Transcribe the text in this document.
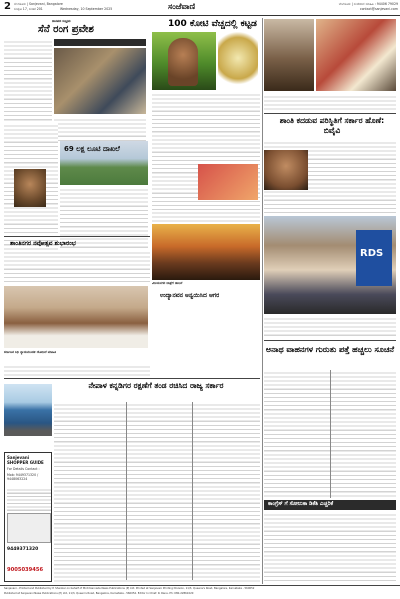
2 ಬೆಂಗಳೂರು | Sanjevani, Bangalore
ಸಂಪುಟ 17, ಸಂಚಿಕೆ 201	Wednesday, 10 September 2025	ಸಂಜೆವಾಣಿ	ಬೆಂಗಳೂರು | ಸಂಜೆವಾಣಿ ಮಾಹಿತಿ : 94406 79029
contact@sanjevani.com
ಜಾನಪದ ಸಂಭ್ರಮ
ಸೆನೆ ರಂಗ ಪ್ರವೇಶ
69 ಲಕ್ಷ ಲೂಟಿ ದಾಖಲೆ
100 ಕೋಟಿ ವೆಚ್ಚದಲ್ಲಿ ಕಟ್ಟಡ
ವಿಜಯನಗರ ಜಾತ್ರೆಗೆ ಚಾಲನೆ
ಉದ್ಯಾನವನ ಅನ್ವಯಿಸಿದ ಆಗರ
ಶಾಂತಿನಗರ ನವೋತ್ಸವ ಶುಭಾರಂಭ
ಕರ್ನಾಟಕ ನಿಧಿ ನ್ಯಾಯಮಂಡಳಿ ಯೋಜನೆ ಮಾಹಿತಿ
ನೇಪಾಳ ಕನ್ನಡಿಗರ ರಕ್ಷಣೆಗೆ ತಂಡ ರಚಿಸಿದ ರಾಜ್ಯ ಸರ್ಕಾರ
Sanjevani SHOPPER GUIDE
For Details Contact :
Mob: 9449371320 / 9448063224
9449371320
9005039456
ಶಾಂತಿ ಕದಡುವ ಪರಿಸ್ಥಿತಿಗೆ ಸರ್ಕಾರ ಹೊಣೆ: ಬಿವೈವಿ
RDS
ಅನಾಥ ವಾಹನಗಳ ಗುರುತು ಪತ್ತೆ ಹಚ್ಚಲು ಸೂಚನೆ
ಕಾಂಗ್ರೆಸ್ ಗೆ ಸೋಲುಕಾ ಡಿಕೆಶಿ ಎಚ್ಚರಿಕೆ
Sanjevani - Printed and Published by P. Shankar on behalf of Moti Kannada News Publications (P) Ltd. Printed at Sanjevani Printing Division, 11/3, Queens's Road, Bangalore, Karnataka - 560052
Published at Sanjevani News Publications (P) Ltd, 11/3, Queen's Road, Bangalore, Karnataka - 560052. Editor In Chief: R. Rana. Ph: 080-22861020
